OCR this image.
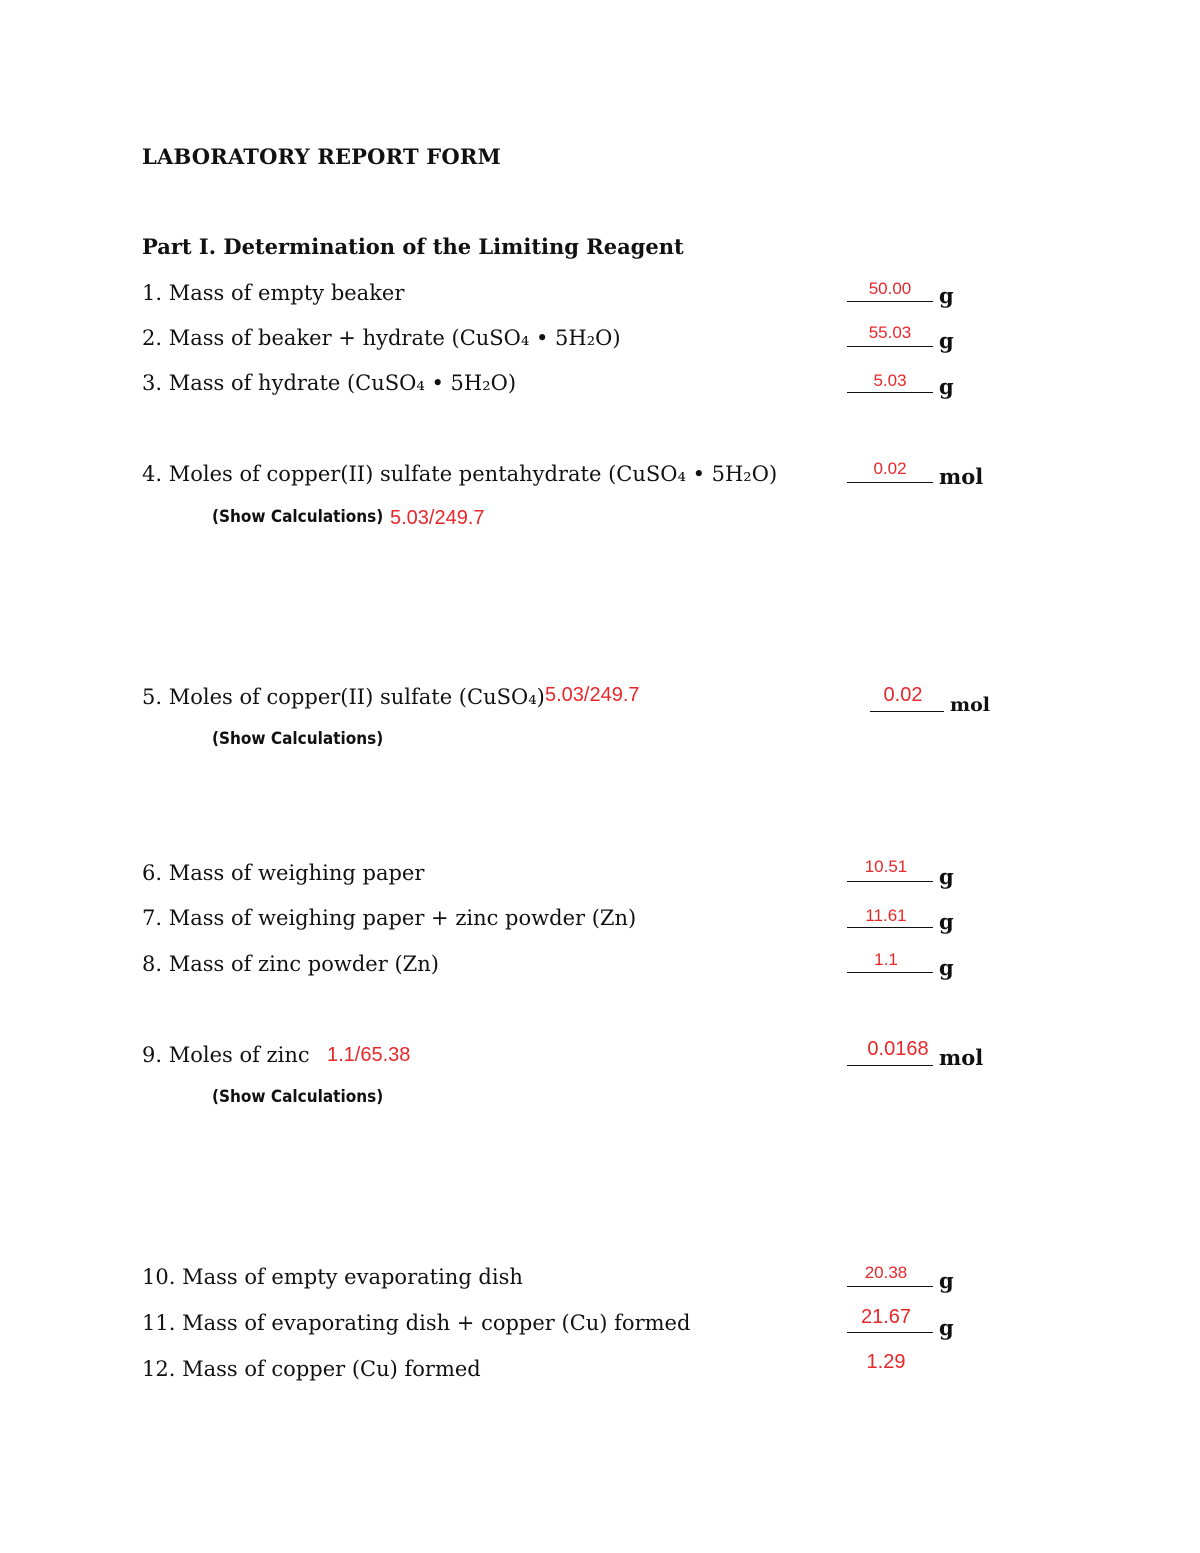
LABORATORY REPORT FORM
Part I. Determination of the Limiting Reagent
1. Mass of empty beaker	50.00	g
2. Mass of beaker + hydrate (CuSO₄ • 5H₂O)	55.03	g
3. Mass of hydrate (CuSO₄ • 5H₂O)	5.03	g
4. Moles of copper(II) sulfate pentahydrate (CuSO₄ • 5H₂O)	0.02	mol
(Show Calculations) 5.03/249.7
5. Moles of copper(II) sulfate (CuSO₄) 5.03/249.7	0.02	mol
(Show Calculations)
6. Mass of weighing paper	10.51	g
7. Mass of weighing paper + zinc powder (Zn)	11.61	g
8. Mass of zinc powder (Zn)	1.1	g
9. Moles of zinc 1.1/65.38	0.0168 mol
(Show Calculations)
10. Mass of empty evaporating dish	20.38	g
11. Mass of evaporating dish + copper (Cu) formed	21.67	g
12. Mass of copper (Cu) formed	1.29
